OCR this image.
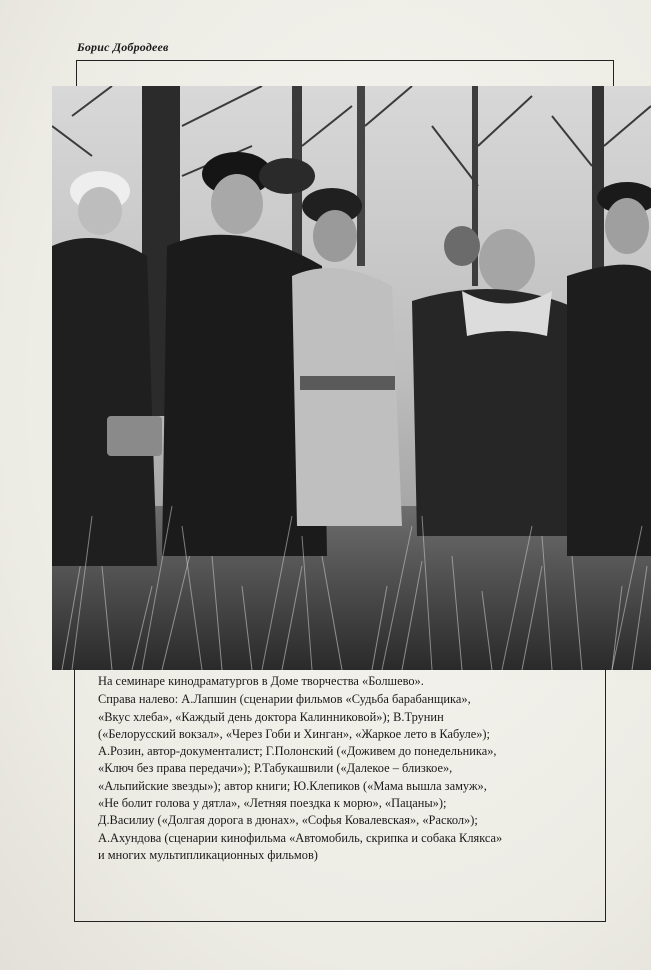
Борис Добродеев

На семинаре кинодраматургов в Доме творчества «Болшево».

Справа налево: А.Лапшин (сценарии фильмов «Судьба барабанщика»,

«Вкус хлеба», «Каждый день доктора Калинниковой»); В.Трунин

(«Белорусский вокзал», «Через Гоби и Хинган», «Жаркое лето в Кабуле»);

А.Розин, автор-документалист; Г.Полонский («Доживем до понедельника»,

«Ключ без права передачи»); Р.Табукашвили («Далекое – близкое»,

«Альпийские звезды»); автор книги; Ю.Клепиков («Мама вышла замуж»,

«Не болит голова у дятла», «Летняя поездка к морю», «Пацаны»);

Д.Василиу («Долгая дорога в дюнах», «Софья Ковалевская», «Раскол»);

А.Ахундова (сценарии кинофильма «Автомобиль, скрипка и собака Клякса»

и многих мультипликационных фильмов)
